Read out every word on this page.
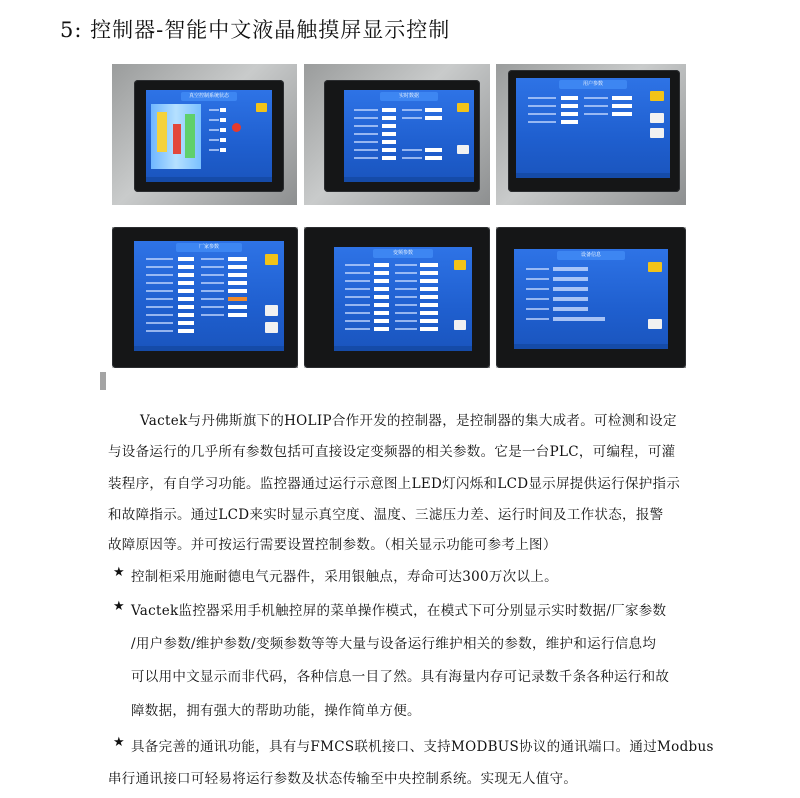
5: 控制器-智能中文液晶触摸屏显示控制
真空控制系统状态	实时数据
用户参数
厂家参数
变频参数	设备信息
Vactek与丹佛斯旗下的HOLIP合作开发的控制器，是控制器的集大成者。可检测和设定
与设备运行的几乎所有参数包括可直接设定变频器的相关参数。它是一台PLC，可编程，可灌
装程序，有自学习功能。监控器通过运行示意图上LED灯闪烁和LCD显示屏提供运行保护指示
和故障指示。通过LCD来实时显示真空度、温度、三滤压力差、运行时间及工作状态，报警
故障原因等。并可按运行需要设置控制参数。（相关显示功能可参考上图）
★ 控制柜采用施耐德电气元器件，采用银触点，寿命可达300万次以上。
★ Vactek监控器采用手机触控屏的菜单操作模式，在模式下可分别显示实时数据/厂家参数
/用户参数/维护参数/变频参数等等大量与设备运行维护相关的参数，维护和运行信息均
可以用中文显示而非代码，各种信息一目了然。具有海量内存可记录数千条各种运行和故
障数据，拥有强大的帮助功能，操作简单方便。
★ 具备完善的通讯功能，具有与FMCS联机接口、支持MODBUS协议的通讯端口。通过Modbus
串行通讯接口可轻易将运行参数及状态传输至中央控制系统。实现无人值守。
